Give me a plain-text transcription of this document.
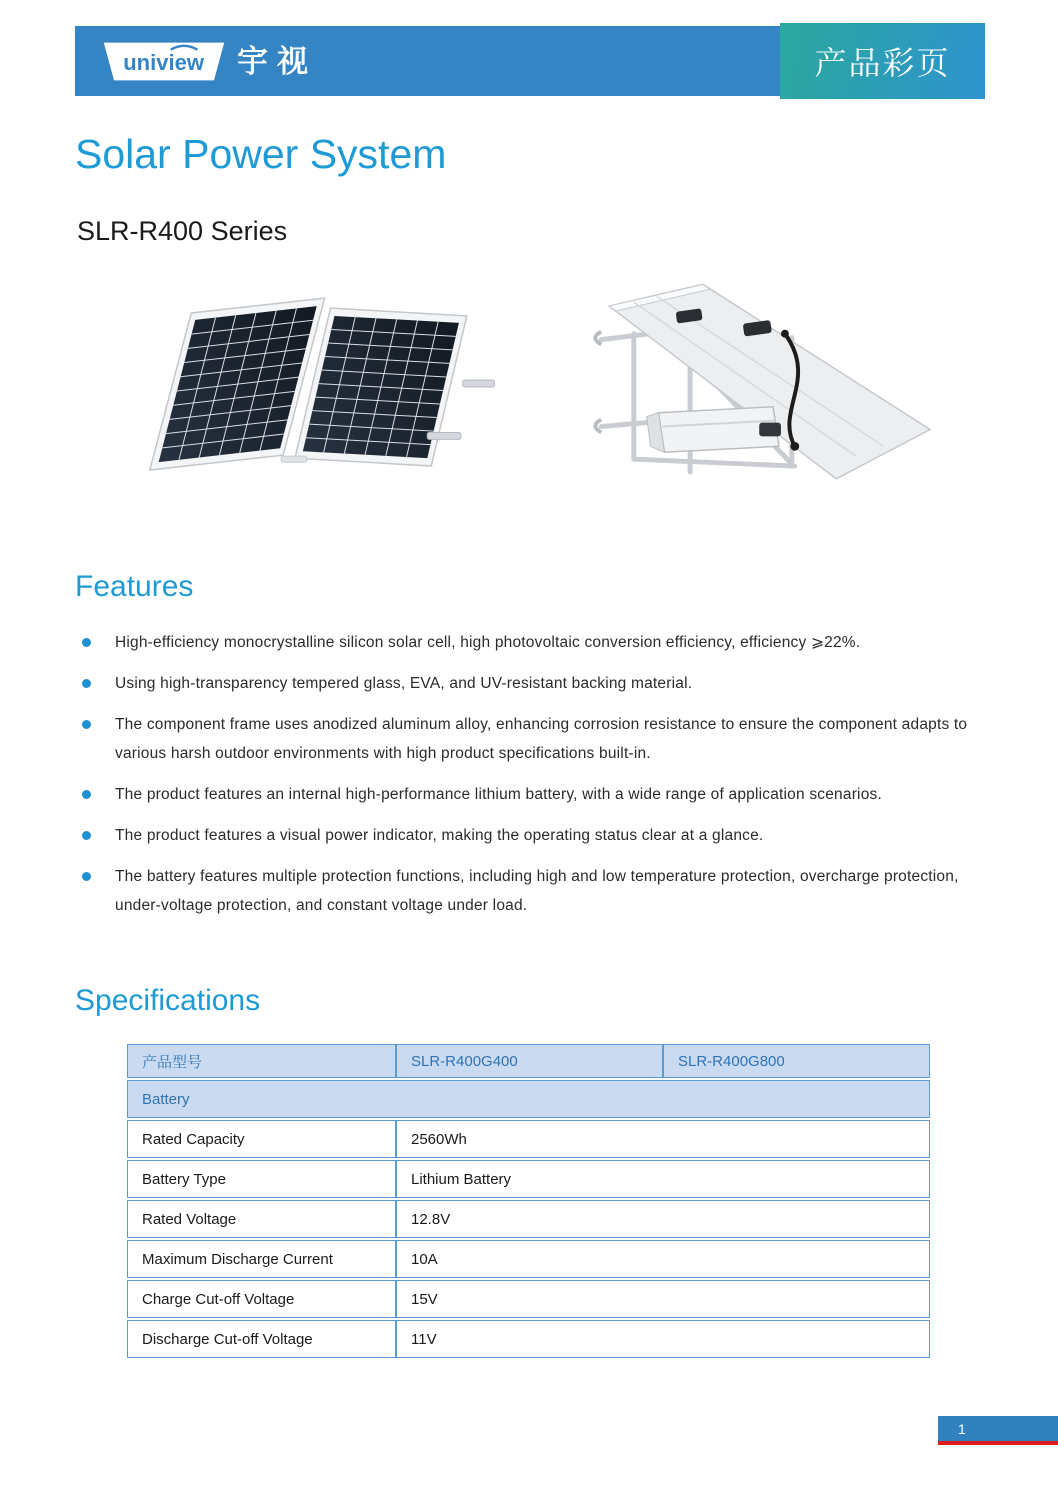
uniview 宇视	产品彩页
Solar Power System
SLR-R400 Series
Features
High-efficiency monocrystalline silicon solar cell, high photovoltaic conversion efficiency, efficiency ⩾22%.
Using high-transparency tempered glass, EVA, and UV-resistant backing material.
The component frame uses anodized aluminum alloy, enhancing corrosion resistance to ensure the component adapts to various harsh outdoor environments with high product specifications built-in.
The product features an internal high-performance lithium battery, with a wide range of application scenarios.
The product features a visual power indicator, making the operating status clear at a glance.
The battery features multiple protection functions, including high and low temperature protection, overcharge protection, under-voltage protection, and constant voltage under load.
Specifications
产品型号	SLR-R400G400	SLR-R400G800
Battery
Rated Capacity	2560Wh
Battery Type	Lithium Battery
Rated Voltage	12.8V
Maximum Discharge Current	10A
Charge Cut-off Voltage	15V
Discharge Cut-off Voltage	11V
1
